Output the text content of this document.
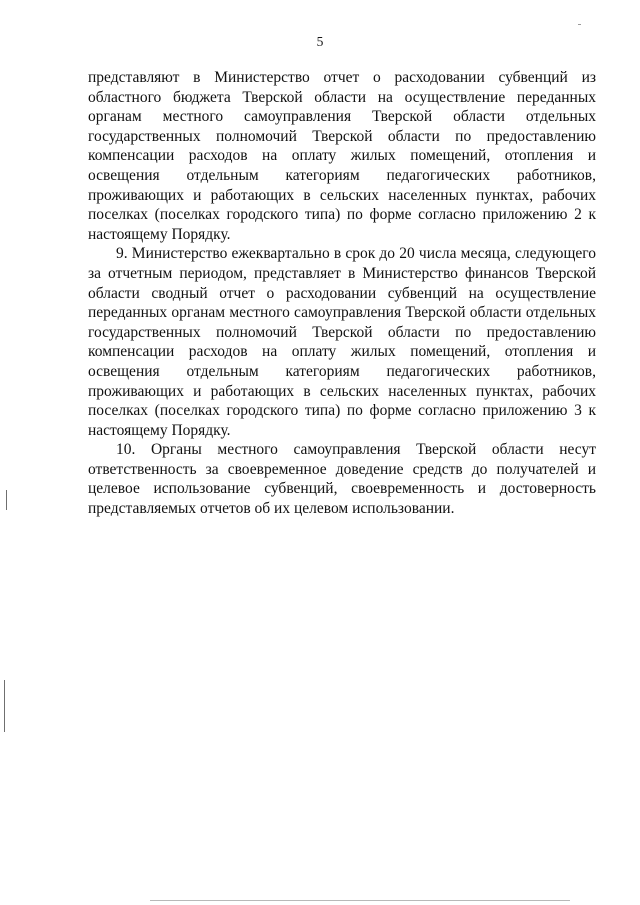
5

представляют в Министерство отчет о расходовании субвенций из областного бюджета Тверской области на осуществление переданных органам местного самоуправления Тверской области отдельных государственных полномочий Тверской области по предоставлению компенсации расходов на оплату жилых помещений, отопления и освещения отдельным категориям педагогических работников, проживающих и работающих в сельских населенных пунктах, рабочих поселках (поселках городского типа) по форме согласно приложению 2 к настоящему Порядку.

9. Министерство ежеквартально в срок до 20 числа месяца, следующего за отчетным периодом, представляет в Министерство финансов Тверской области сводный отчет о расходовании субвенций на осуществление переданных органам местного самоуправления Тверской области отдельных государственных полномочий Тверской области по предоставлению компенсации расходов на оплату жилых помещений, отопления и освещения отдельным категориям педагогических работников, проживающих и работающих в сельских населенных пунктах, рабочих поселках (поселках городского типа) по форме согласно приложению 3 к настоящему Порядку.

10. Органы местного самоуправления Тверской области несут ответственность за своевременное доведение средств до получателей и целевое использование субвенций, своевременность и достоверность представляемых отчетов об их целевом использовании.
